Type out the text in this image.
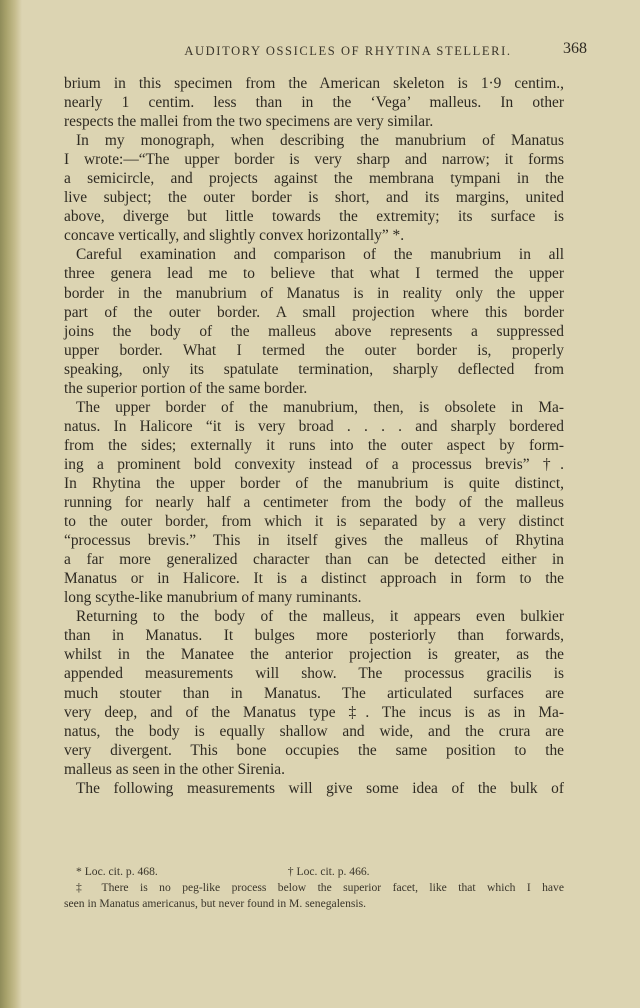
AUDITORY OSSICLES OF RHYTINA STELLERI.	368
brium in this specimen from the American skeleton is 1·9 centim.,
nearly 1 centim. less than in the ‘Vega’ malleus. In other
respects the mallei from the two specimens are very similar.
In my monograph, when describing the manubrium of Manatus
I wrote:—“The upper border is very sharp and narrow; it forms
a semicircle, and projects against the membrana tympani in the
live subject; the outer border is short, and its margins, united
above, diverge but little towards the extremity; its surface is
concave vertically, and slightly convex horizontally” *.
Careful examination and comparison of the manubrium in all
three genera lead me to believe that what I termed the upper
border in the manubrium of Manatus is in reality only the upper
part of the outer border. A small projection where this border
joins the body of the malleus above represents a suppressed
upper border. What I termed the outer border is, properly
speaking, only its spatulate termination, sharply deflected from
the superior portion of the same border.
The upper border of the manubrium, then, is obsolete in Ma-
natus. In Halicore “it is very broad . . . . and sharply bordered
from the sides; externally it runs into the outer aspect by form-
ing a prominent bold convexity instead of a processus brevis” †.
In Rhytina the upper border of the manubrium is quite distinct,
running for nearly half a centimeter from the body of the malleus
to the outer border, from which it is separated by a very distinct
“processus brevis.” This in itself gives the malleus of Rhytina
a far more generalized character than can be detected either in
Manatus or in Halicore. It is a distinct approach in form to the
long scythe-like manubrium of many ruminants.
Returning to the body of the malleus, it appears even bulkier
than in Manatus. It bulges more posteriorly than forwards,
whilst in the Manatee the anterior projection is greater, as the
appended measurements will show. The processus gracilis is
much stouter than in Manatus. The articulated surfaces are
very deep, and of the Manatus type ‡. The incus is as in Ma-
natus, the body is equally shallow and wide, and the crura are
very divergent. This bone occupies the same position to the
malleus as seen in the other Sirenia.
The following measurements will give some idea of the bulk of
* Loc. cit. p. 468.	† Loc. cit. p. 466.
‡ There is no peg-like process below the superior facet, like that which I have
seen in Manatus americanus, but never found in M. senegalensis.
